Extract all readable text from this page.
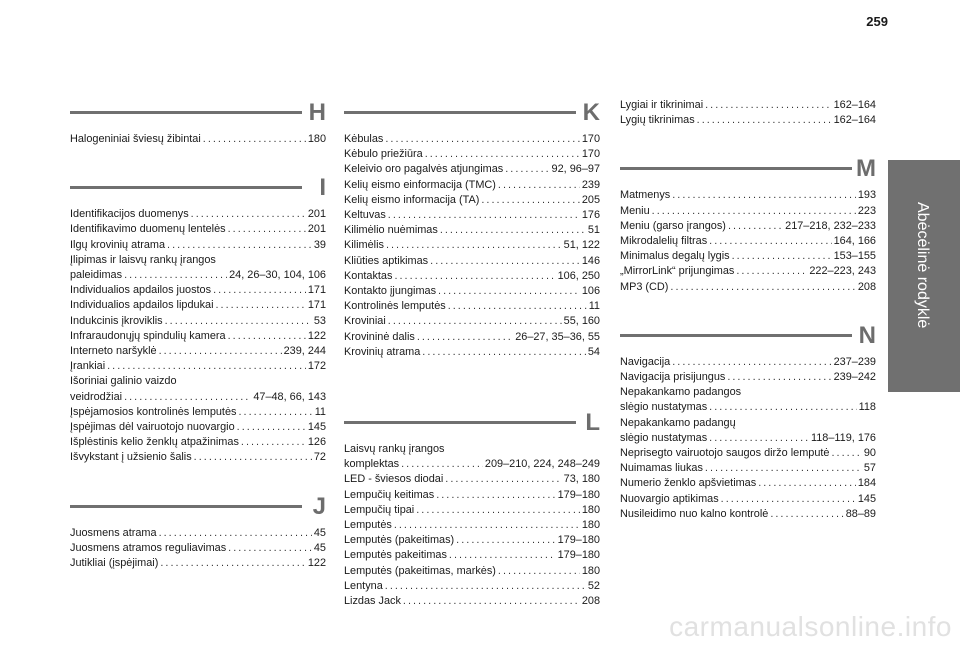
259
H
Halogeniniai šviesų žibintai . . .	180
I
Identifikacijos duomenys . . .	201
Identifikavimo duomenų lentelės . . .	201
Ilgų krovinių atrama . . .	39
Įlipimas ir laisvų rankų įrangos
paleidimas . . .	24, 26–30, 104, 106
Individualios apdailos juostos . . .	171
Individualios apdailos lipdukai . . .	171
Indukcinis įkroviklis . . .	53
Infraraudonųjų spindulių kamera . . .	122
Interneto naršyklė . . .	239, 244
Įrankiai . . .	172
Išoriniai galinio vaizdo
veidrodžiai . . .	47–48, 66, 143
Įspėjamosios kontrolinės lemputės . . .	11
Įspėjimas dėl vairuotojo nuovargio . . .	145
Išplėstinis kelio ženklų atpažinimas . . .	126
Išvykstant į užsienio šalis . . .	72
J
Juosmens atrama . . .	45
Juosmens atramos reguliavimas . . .	45
Jutikliai (įspėjimai) . . .	122
K
Kėbulas . . .	170
Kėbulo priežiūra . . .	170
Keleivio oro pagalvės atjungimas . . .	92, 96–97
Kelių eismo einformacija (TMC) . . .	239
Kelių eismo informacija (TA) . . .	205
Keltuvas . . .	176
Kilimėlio nuėmimas . . .	51
Kilimėlis . . .	51, 122
Kliūties aptikimas . . .	146
Kontaktas . . .	106, 250
Kontakto įjungimas . . .	106
Kontrolinės lemputės . . .	11
Kroviniai . . .	55, 160
Krovininė dalis . . .	26–27, 35–36, 55
Krovinių atrama . . .	54
L
Laisvų rankų įrangos
komplektas . . .	209–210, 224, 248–249
LED - šviesos diodai . . .	73, 180
Lempučių keitimas . . .	179–180
Lempučių tipai . . .	180
Lemputės . . .	180
Lemputės (pakeitimas) . . .	179–180
Lemputės pakeitimas . . .	179–180
Lemputės (pakeitimas, markės) . . .	180
Lentyna . . .	52
Lizdas Jack . . .	208
Lygiai ir tikrinimai . . .	162–164
Lygių tikrinimas . . .	162–164
M
Matmenys . . .	193
Meniu . . .	223
Meniu (garso įrangos) . . .	217–218, 232–233
Mikrodalelių filtras . . .	164, 166
Minimalus degalų lygis . . .	153–155
„MirrorLink“ prijungimas . . .	222–223, 243
MP3 (CD) . . .	208
N
Navigacija . . .	237–239
Navigacija prisijungus . . .	239–242
Nepakankamo padangos
slėgio nustatymas . . .	118
Nepakankamo padangų
slėgio nustatymas . . .	118–119, 176
Neprisegto vairuotojo saugos diržo lemputė . . .	90
Nuimamas liukas . . .	57
Numerio ženklo apšvietimas . . .	184
Nuovargio aptikimas . . .	145
Nusileidimo nuo kalno kontrolė . . .	88–89
Abėcėlinė rodyklė
carmanualsonline.info
